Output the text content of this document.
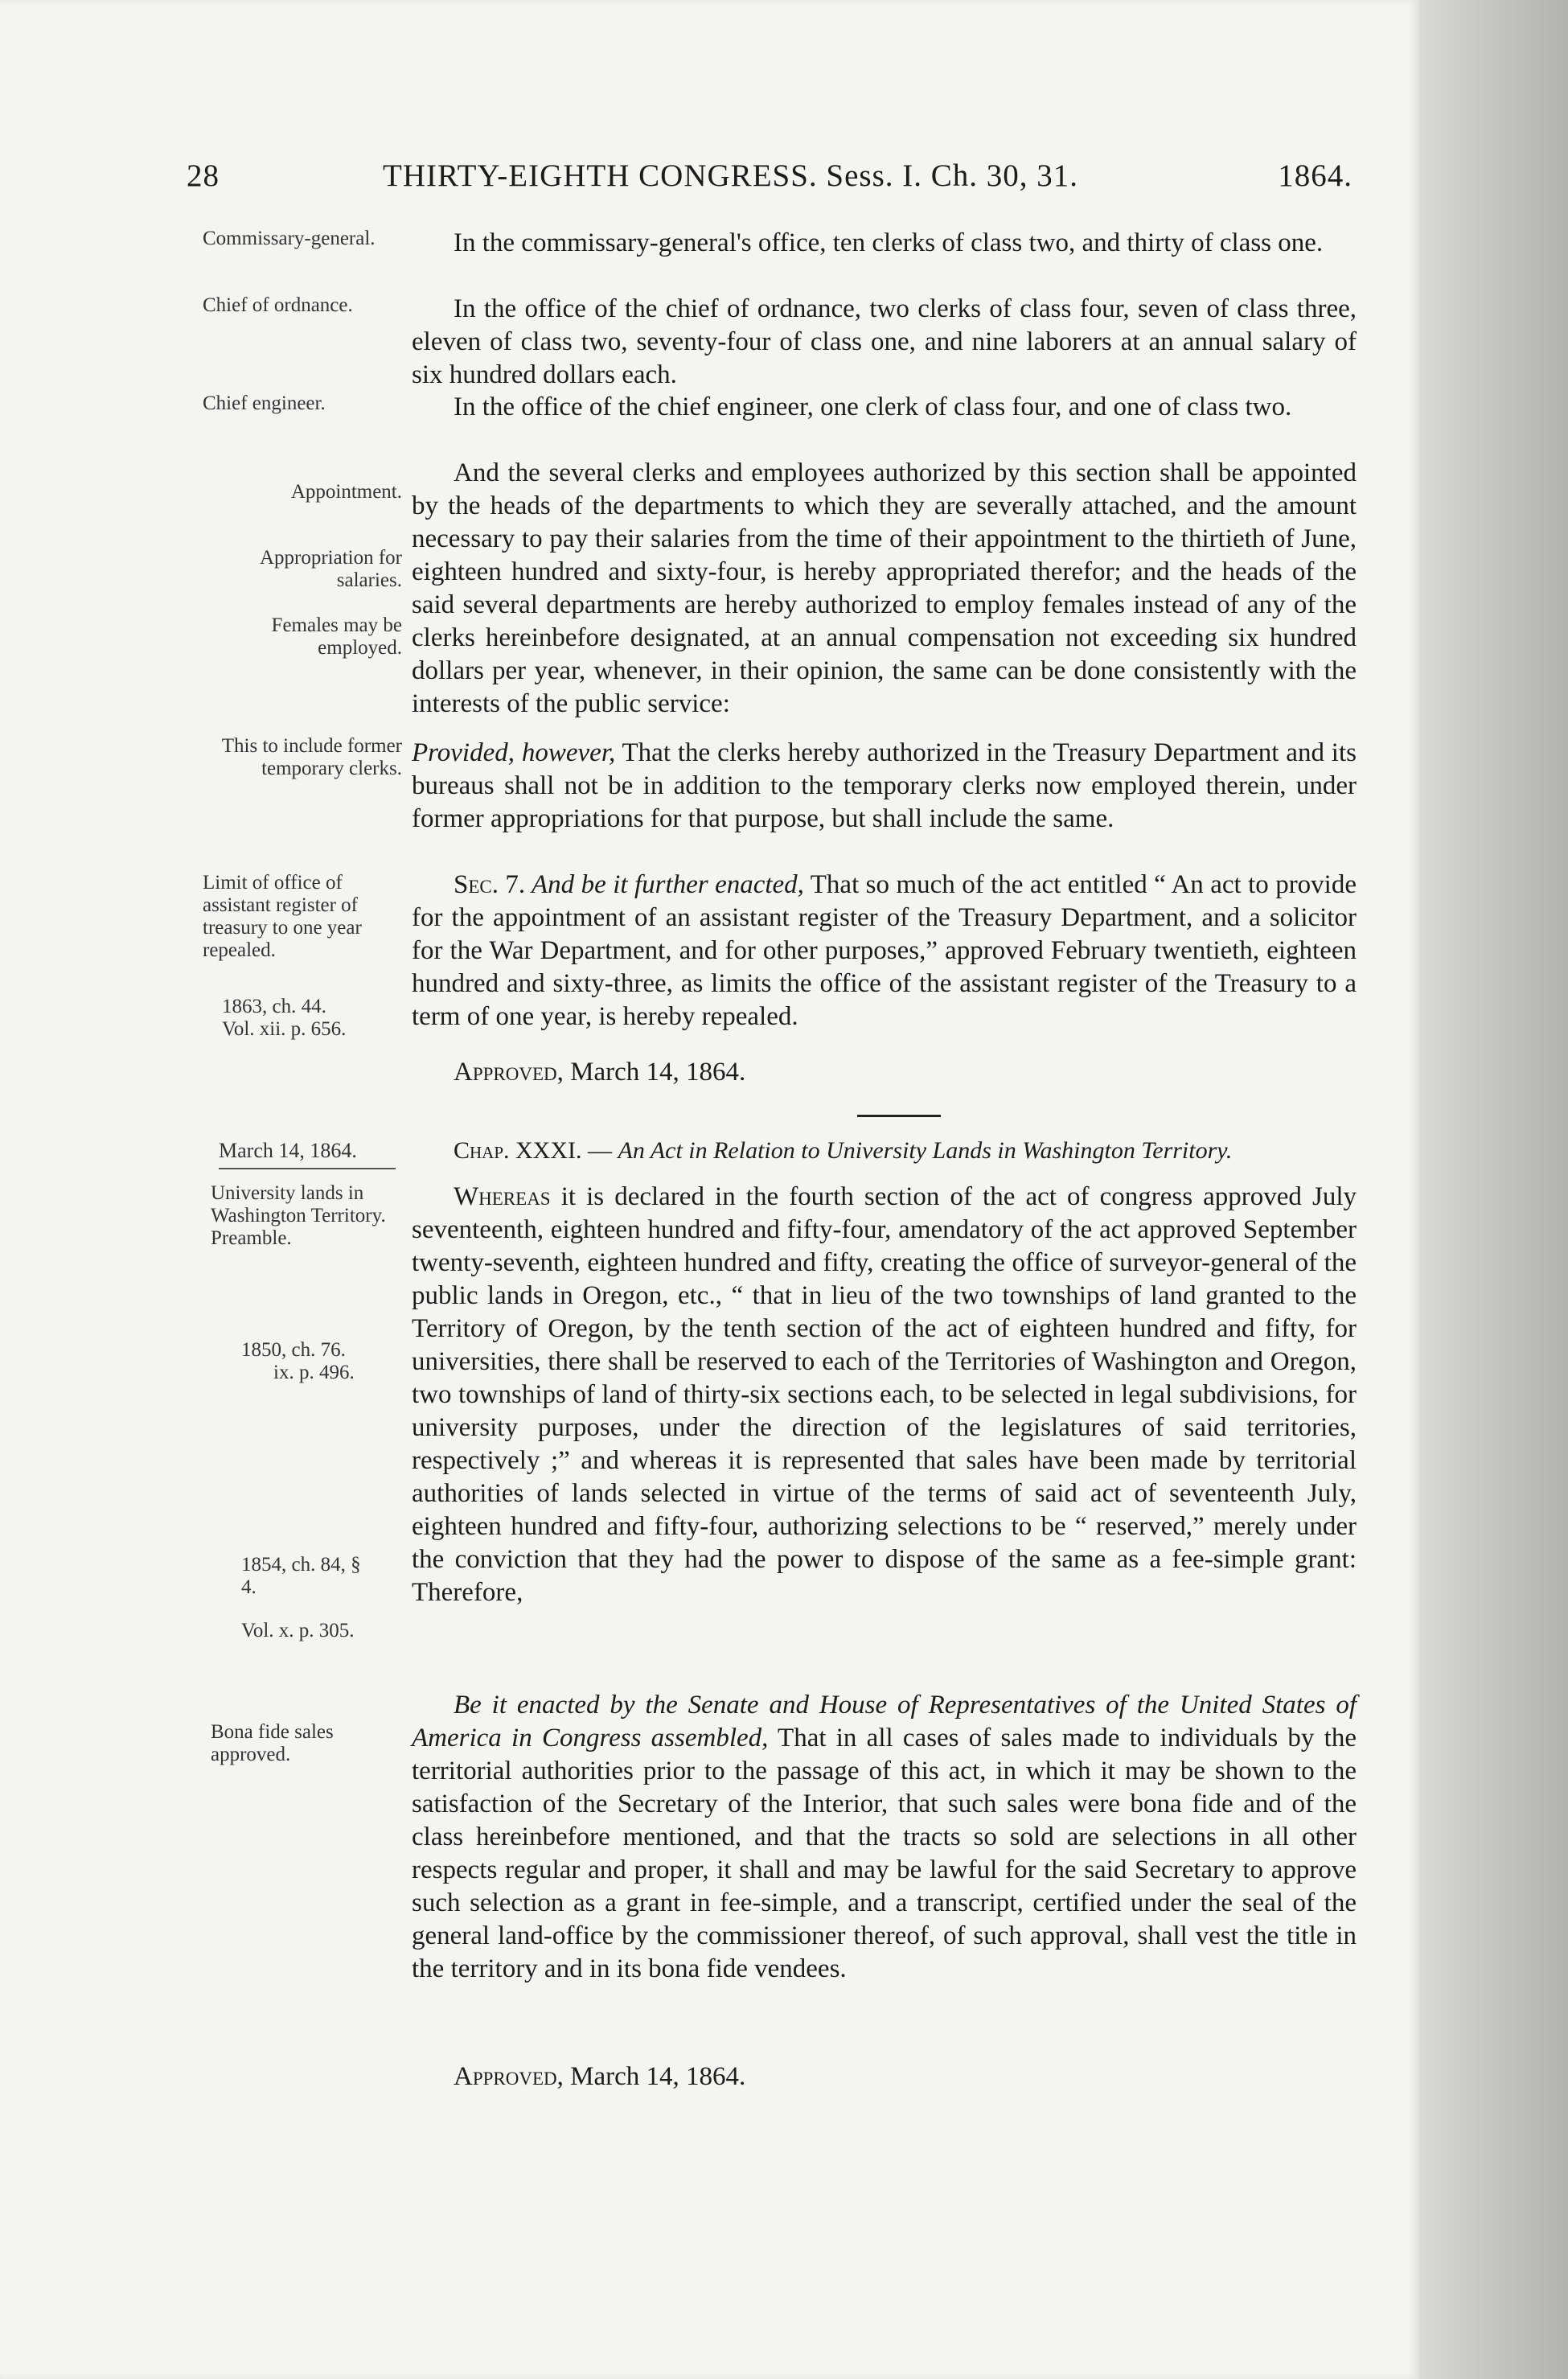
28	THIRTY-EIGHTH CONGRESS. Sess. I. Ch. 30, 31.	1864.
Commissary-general.
Chief of ordnance.
Chief engineer.
Appointment.
Appropriation for salaries.
Females may be employed.
This to include former temporary clerks.
Limit of office of assistant register of treasury to one year repealed.
1863, ch. 44.
Vol. xii. p. 656.
In the commissary-general's office, ten clerks of class two, and thirty of class one.
In the office of the chief of ordnance, two clerks of class four, seven of class three, eleven of class two, seventy-four of class one, and nine laborers at an annual salary of six hundred dollars each.
In the office of the chief engineer, one clerk of class four, and one of class two.
And the several clerks and employees authorized by this section shall be appointed by the heads of the departments to which they are severally attached, and the amount necessary to pay their salaries from the time of their appointment to the thirtieth of June, eighteen hundred and sixty-four, is hereby appropriated therefor; and the heads of the said several departments are hereby authorized to employ females instead of any of the clerks hereinbefore designated, at an annual compensation not exceeding six hundred dollars per year, whenever, in their opinion, the same can be done consistently with the interests of the public service:
Provided, however, That the clerks hereby authorized in the Treasury Department and its bureaus shall not be in addition to the temporary clerks now employed therein, under former appropriations for that purpose, but shall include the same.
Sec. 7. And be it further enacted, That so much of the act entitled “ An act to provide for the appointment of an assistant register of the Treasury Department, and a solicitor for the War Department, and for other purposes,” approved February twentieth, eighteen hundred and sixty-three, as limits the office of the assistant register of the Treasury to a term of one year, is hereby repealed.
Approved, March 14, 1864.
March 14, 1864.	Chap. XXXI. — An Act in Relation to University Lands in Washington Territory.
University lands in Washington Territory. Preamble.
1850, ch. 76.
ix. p. 496.
1854, ch. 84, § 4.
Vol. x. p. 305.
Bona fide sales approved.
Whereas it is declared in the fourth section of the act of congress approved July seventeenth, eighteen hundred and fifty-four, amendatory of the act approved September twenty-seventh, eighteen hundred and fifty, creating the office of surveyor-general of the public lands in Oregon, etc., “ that in lieu of the two townships of land granted to the Territory of Oregon, by the tenth section of the act of eighteen hundred and fifty, for universities, there shall be reserved to each of the Territories of Washington and Oregon, two townships of land of thirty-six sections each, to be selected in legal subdivisions, for university purposes, under the direction of the legislatures of said territories, respectively ;” and whereas it is represented that sales have been made by territorial authorities of lands selected in virtue of the terms of said act of seventeenth July, eighteen hundred and fifty-four, authorizing selections to be “ reserved,” merely under the conviction that they had the power to dispose of the same as a fee-simple grant: Therefore,
Be it enacted by the Senate and House of Representatives of the United States of America in Congress assembled, That in all cases of sales made to individuals by the territorial authorities prior to the passage of this act, in which it may be shown to the satisfaction of the Secretary of the Interior, that such sales were bona fide and of the class hereinbefore mentioned, and that the tracts so sold are selections in all other respects regular and proper, it shall and may be lawful for the said Secretary to approve such selection as a grant in fee-simple, and a transcript, certified under the seal of the general land-office by the commissioner thereof, of such approval, shall vest the title in the territory and in its bona fide vendees.
Approved, March 14, 1864.
